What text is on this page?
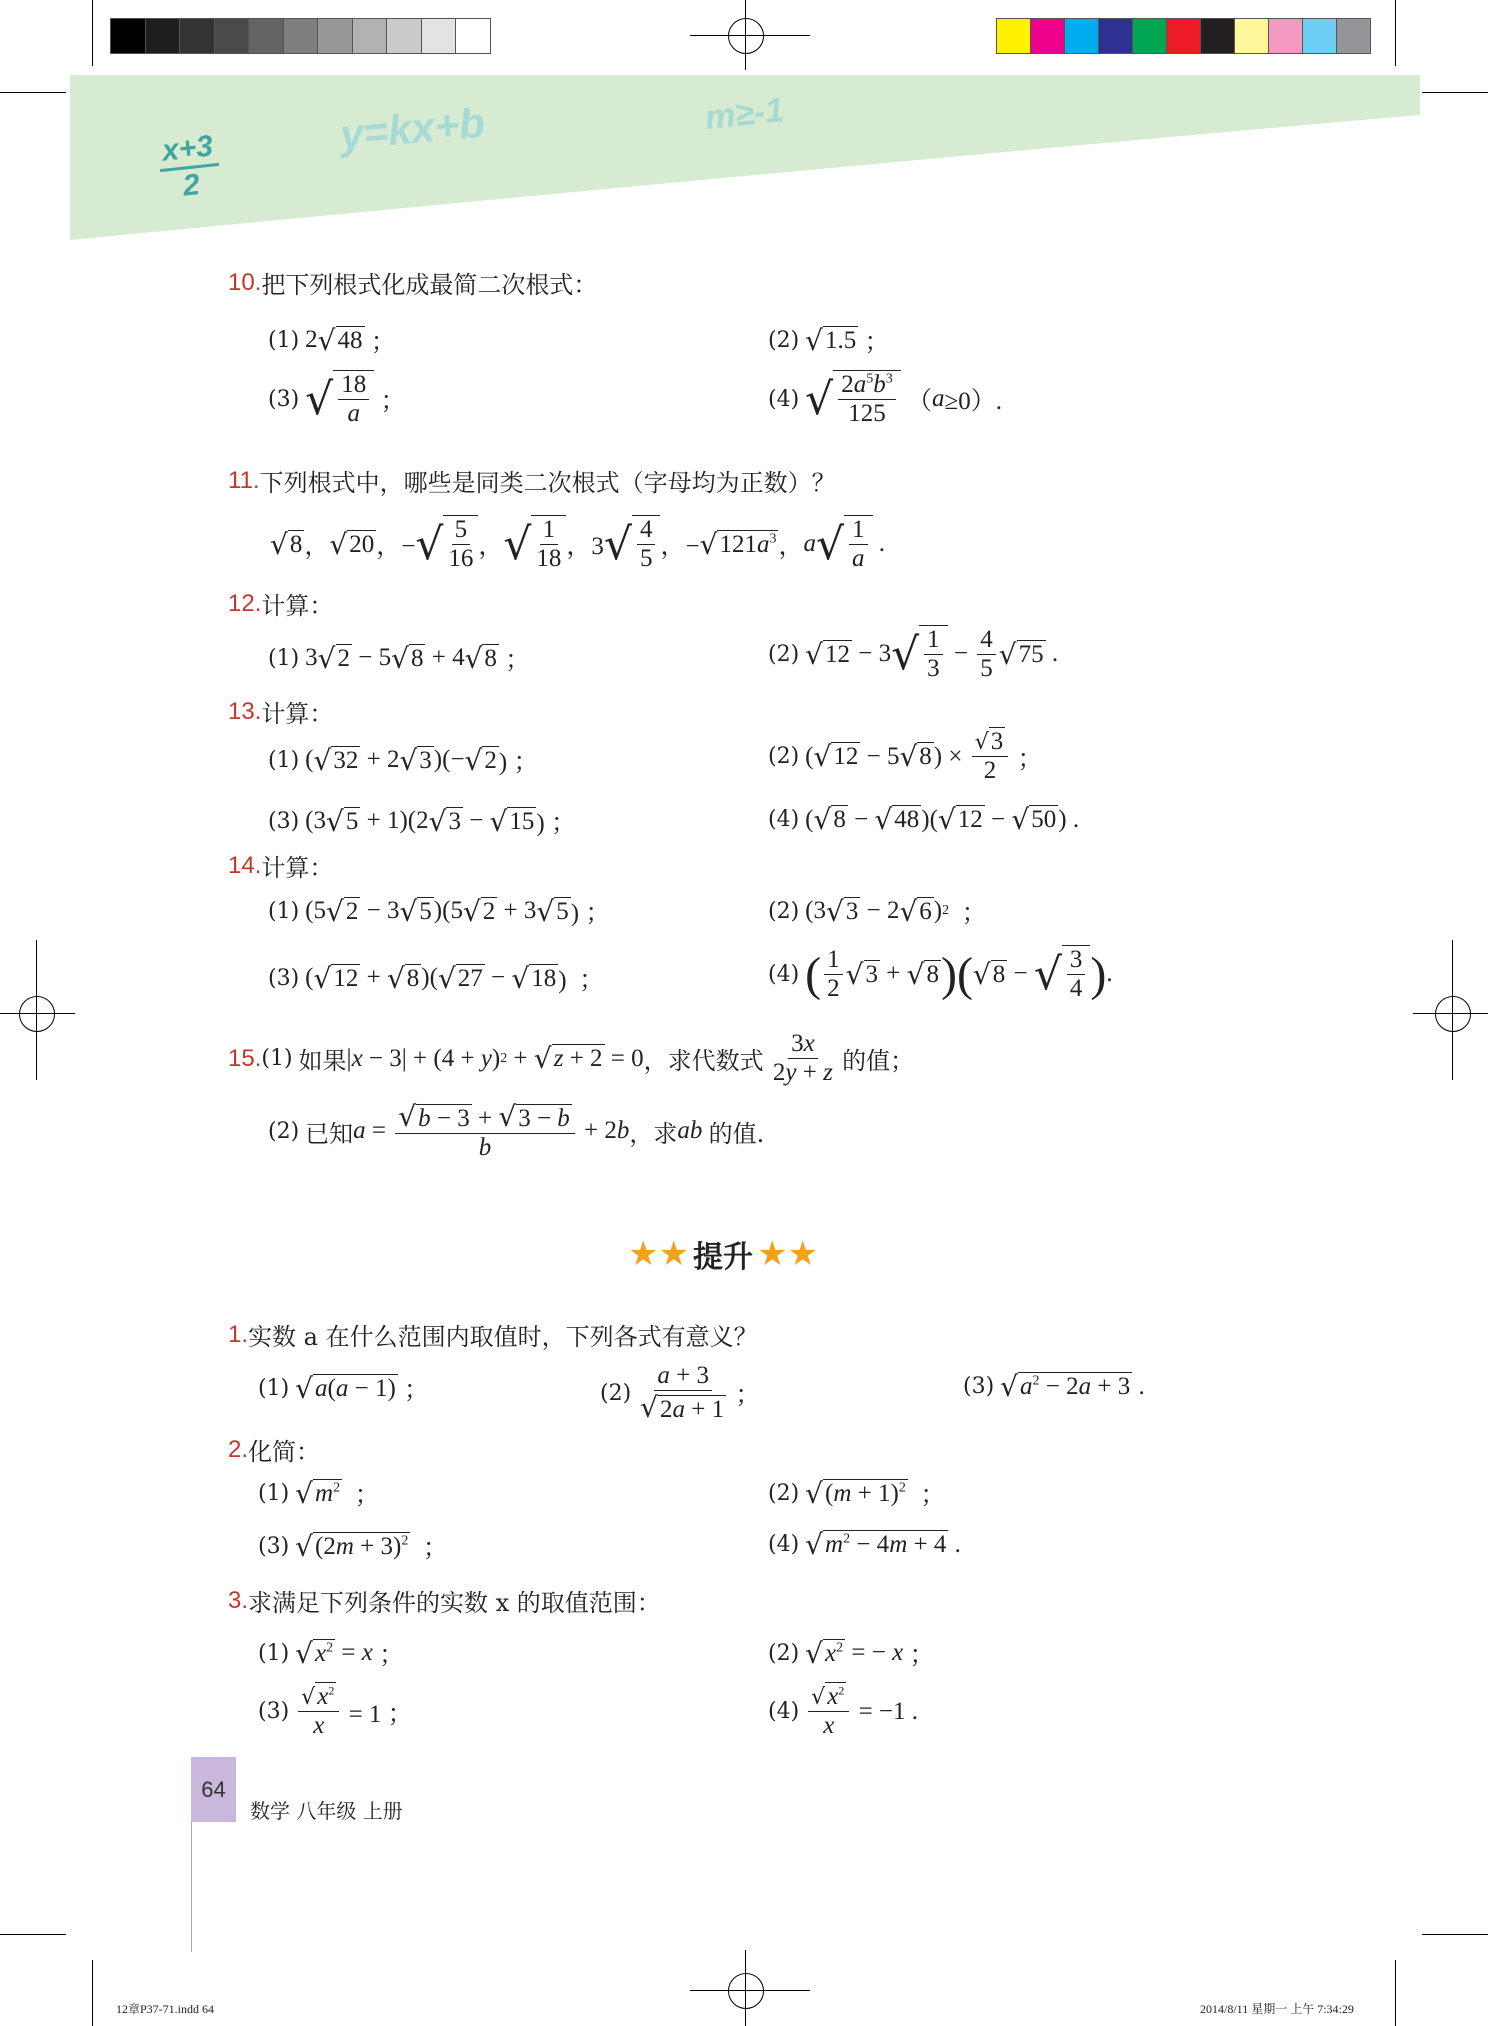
x+3
2
y=kx+b	m≥-1
10. 把下列根式化成最简二次根式：
(1) 2 √ 48 ；	(2) √ 1.5 ；
(3) √ $\frac{18}{a}$ ；	(4) √ $\frac{2a^5b^3}{125}$ （ a ≥0）.
11. 下列根式中，哪些是同类二次根式（字母均为正数）？
√ 8 ， √ 20 ，− √ $\frac{5}{16}$ ， √ $\frac{1}{18}$ ，3 √ $\frac{4}{5}$ ，− √ $121a^3$ ， a √ $\frac{1}{a}$ .
12. 计算：
(1) 3 √ 2 − 5 √ 8 + 4 √ 8 ；	(2) √ 12 − 3 √ $\frac{1}{3} - \frac{4}{5}$ √ 75 .
13. 计算：
(1) ( √ 32 + 2 √ 3 )(− √ 2 ) ；	(2) ( √ 12 − 5 √ 8 ) × $\frac{√3}{2}$ ；
(3) (3 √ 5 + 1)(2 √ 3 − √ 15 ) ；	(4) ( √ 8 − √ 48 )( √ 12 − √ 50 ) .
14. 计算：
(1) (5 √ 2 − 3 √ 5 )(5 √ 2 + 3 √ 5 ) ；	(2) (3 √ 3 − 2 √ 6 ) 2 ；
(3) ( √ 12 + √ 8 )( √ 27 − √ 18 )  ；	(4) ( $\frac{1}{2}$ √ 3 + √ 8 )( √ 8 − √ $\frac{3}{4}$ ) .
15. (1) 如果 | x − 3| + (4 + y ) 2 + √ z + 2 = 0 ，求代数式
$\frac{3x}{2y + z}$
的值；
(2) 已知 $a = \frac{√b - 3 + √3 - b}{b} + 2$ b ，求 ab
的值.
★★ 提升 ★★
1. 实数 a 在什么范围内取值时，下列各式有意义？
(1) √ a(a − 1) ；	$(2) \frac{a + 3}{√2a + 1}$ ；	(3) √ $a^2 - 2a + 3$ .
2. 化简：
(1) √ $m^2$ ；	(2) √ $(m + 1)^2$ ；
(3) √ $(2m + 3)^2$ ；	(4) √ $m^2 - 4m + 4$ .
3. 求满足下列条件的实数 x 的取值范围：
(1) √ $x^2 = x$ ；	(2) √ $x^2$ = − x ；
$(3) \frac{√x^2}{x} = 1$ ；	$(4) \frac{√x^2}{x} = -1$ .
64
数学 八年级 上册
12章P37-71.indd 64	2014/8/11 星期一 上午 7:34:29
